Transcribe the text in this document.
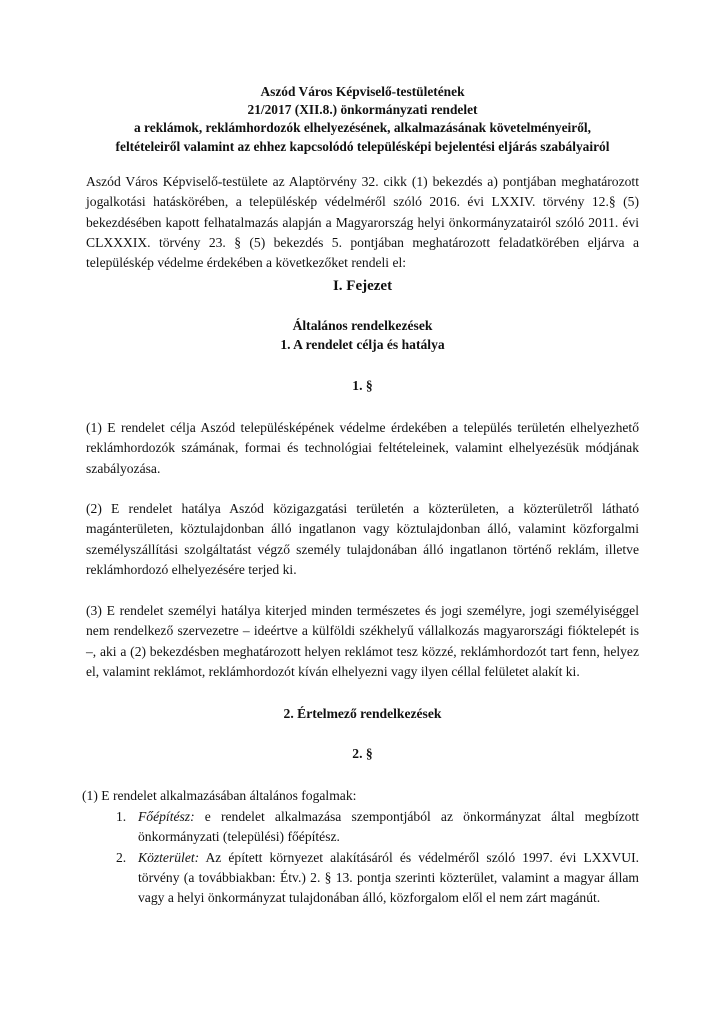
Aszód Város Képviselő-testületének
21/2017 (XII.8.) önkormányzati rendelet
a reklámok, reklámhordozók elhelyezésének, alkalmazásának követelményeiről,
feltételeiről valamint az ehhez kapcsolódó településképi bejelentési eljárás szabályairól

Aszód Város Képviselő-testülete az Alaptörvény 32. cikk (1) bekezdés a) pontjában meghatározott jogalkotási hatáskörében, a településkép védelméről szóló 2016. évi LXXIV. törvény 12.§ (5) bekezdésében kapott felhatalmazás alapján a Magyarország helyi önkormányzatairól szóló 2011. évi CLXXXIX. törvény 23. § (5) bekezdés 5. pontjában meghatározott feladatkörében eljárva a településkép védelme érdekében a következőket rendeli el:

I. Fejezet
Általános rendelkezések
1. A rendelet célja és hatálya
1. §

(1) E rendelet célja Aszód településképének védelme érdekében a település területén elhelyezhető reklámhordozók számának, formai és technológiai feltételeinek, valamint elhelyezésük módjának szabályozása.

(2) E rendelet hatálya Aszód közigazgatási területén a közterületen, a közterületről látható magánterületen, köztulajdonban álló ingatlanon vagy köztulajdonban álló, valamint közforgalmi személyszállítási szolgáltatást végző személy tulajdonában álló ingatlanon történő reklám, illetve reklámhordozó elhelyezésére terjed ki.

(3) E rendelet személyi hatálya kiterjed minden természetes és jogi személyre, jogi személyiséggel nem rendelkező szervezetre – ideértve a külföldi székhelyű vállalkozás magyarországi fióktelepét is –, aki a (2) bekezdésben meghatározott helyen reklámot tesz közzé, reklámhordozót tart fenn, helyez el, valamint reklámot, reklámhordozót kíván elhelyezni vagy ilyen céllal felületet alakít ki.

2. Értelmező rendelkezések
2. §

(1) E rendelet alkalmazásában általános fogalmak:

1. Főépítész: e rendelet alkalmazása szempontjából az önkormányzat által megbízott önkormányzati (települési) főépítész.
2. Közterület: Az épített környezet alakításáról és védelméről szóló 1997. évi LXXVUI. törvény (a továbbiakban: Étv.) 2. § 13. pontja szerinti közterület, valamint a magyar állam vagy a helyi önkormányzat tulajdonában álló, közforgalom elől el nem zárt magánút.
